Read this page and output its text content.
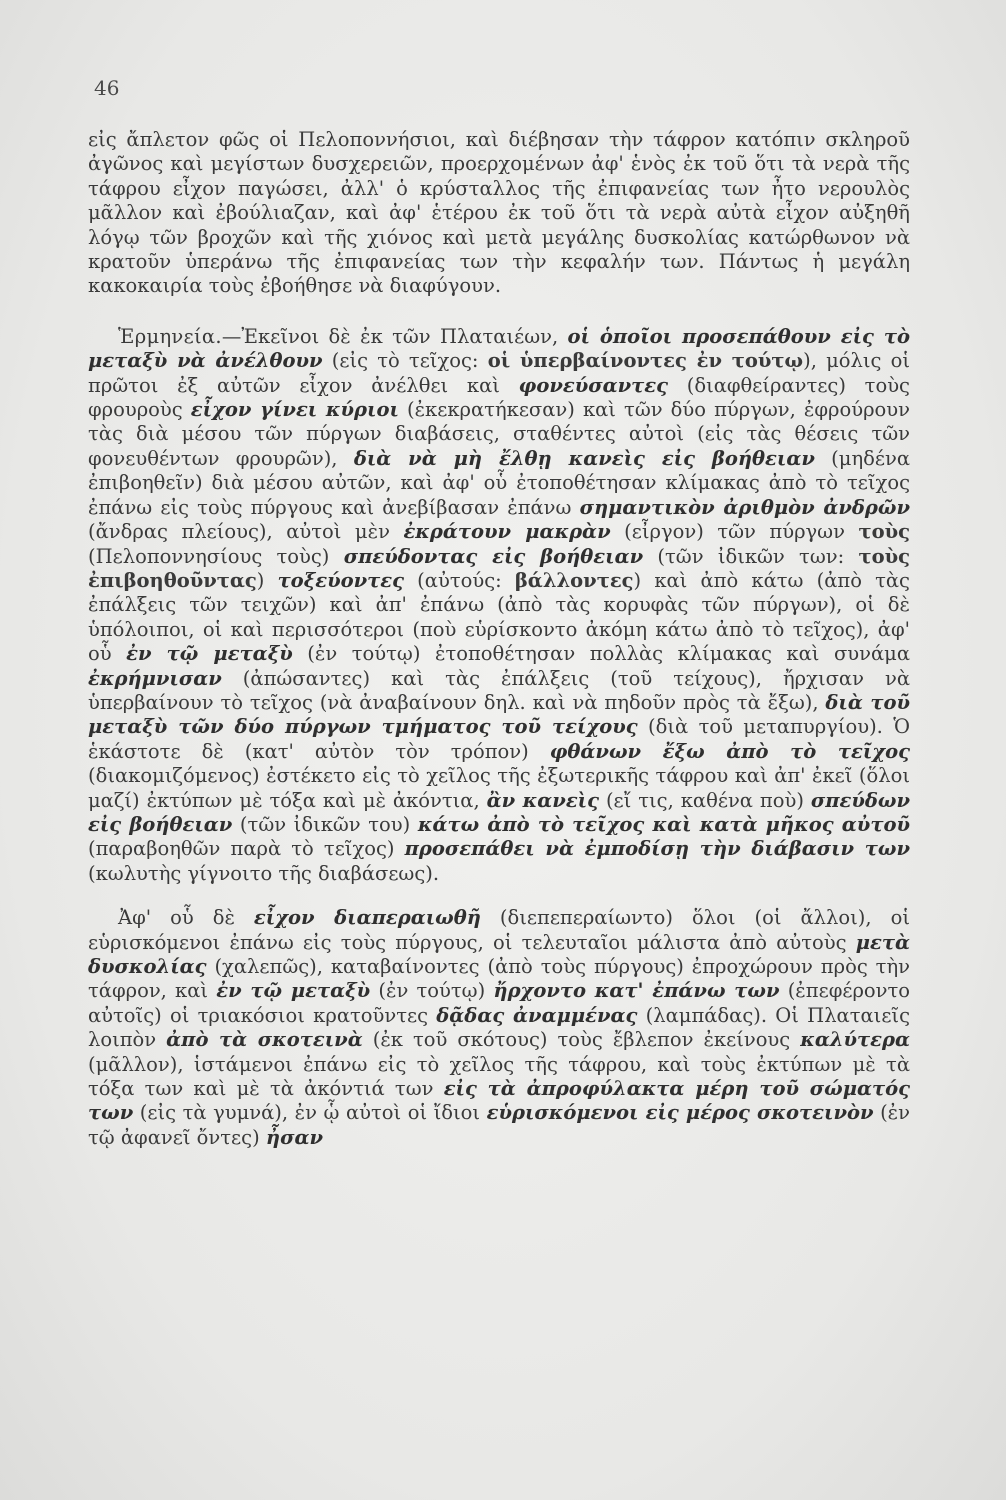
46

εἰς ἄπλετον φῶς οἱ Πελοποννήσιοι, καὶ διέβησαν τὴν τάφρον κατόπιν σκληροῦ ἀγῶνος καὶ μεγίστων δυσχερειῶν, προερχομένων ἀφ' ἑνὸς ἐκ τοῦ ὅτι τὰ νερὰ τῆς τάφρου εἶχον παγώσει, ἀλλ' ὁ κρύσταλλος τῆς ἐπιφανείας των ἦτο νερουλὸς μᾶλλον καὶ ἐβούλιαζαν, καὶ ἀφ' ἑτέρου ἐκ τοῦ ὅτι τὰ νερὰ αὐτὰ εἶχον αὐξηθῆ λόγῳ τῶν βροχῶν καὶ τῆς χιόνος καὶ μετὰ μεγάλης δυσκολίας κατώρθωνον νὰ κρατοῦν ὑπεράνω τῆς ἐπιφανείας των τὴν κεφαλήν των. Πάντως ἡ μεγάλη κακοκαιρία τοὺς ἐβοήθησε νὰ διαφύγουν.

Ἑρμηνεία.—Ἐκεῖνοι δὲ ἐκ τῶν Πλαταιέων, οἱ ὁποῖοι προσεπάθουν εἰς τὸ μεταξὺ νὰ ἀνέλθουν (εἰς τὸ τεῖχος: οἱ ὑπερβαίνοντες ἐν τούτῳ), μόλις οἱ πρῶτοι ἐξ αὐτῶν εἶχον ἀνέλθει καὶ φονεύσαντες (διαφθείραντες) τοὺς φρουροὺς εἶχον γίνει κύριοι (ἐκεκρατήκεσαν) καὶ τῶν δύο πύργων, ἐφρούρουν τὰς διὰ μέσου τῶν πύργων διαβάσεις, σταθέντες αὐτοὶ (εἰς τὰς θέσεις τῶν φονευθέντων φρουρῶν), διὰ νὰ μὴ ἔλθῃ κανεὶς εἰς βοήθειαν (μηδένα ἐπιβοηθεῖν) διὰ μέσου αὐτῶν, καὶ ἀφ' οὗ ἐτοποθέτησαν κλίμακας ἀπὸ τὸ τεῖχος ἐπάνω εἰς τοὺς πύργους καὶ ἀνεβίβασαν ἐπάνω σημαντικὸν ἀριθμὸν ἀνδρῶν (ἄνδρας πλείους), αὐτοὶ μὲν ἐκράτουν μακρὰν (εἶργον) τῶν πύργων τοὺς (Πελοποννησίους τοὺς) σπεύδοντας εἰς βοήθειαν (τῶν ἰδικῶν των: τοὺς ἐπιβοηθοῦντας) τοξεύοντες (αὐτούς: βάλλοντες) καὶ ἀπὸ κάτω (ἀπὸ τὰς ἐπάλξεις τῶν τειχῶν) καὶ ἀπ' ἐπάνω (ἀπὸ τὰς κορυφὰς τῶν πύργων), οἱ δὲ ὑπόλοιποι, οἱ καὶ περισσότεροι (ποὺ εὑρίσκοντο ἀκόμη κάτω ἀπὸ τὸ τεῖχος), ἀφ' οὗ ἐν τῷ μεταξὺ (ἐν τούτῳ) ἐτοποθέτησαν πολλὰς κλίμακας καὶ συνάμα ἐκρήμνισαν (ἀπώσαντες) καὶ τὰς ἐπάλξεις (τοῦ τείχους), ἤρχισαν νὰ ὑπερβαίνουν τὸ τεῖχος (νὰ ἀναβαίνουν δηλ. καὶ νὰ πηδοῦν πρὸς τὰ ἔξω), διὰ τοῦ μεταξὺ τῶν δύο πύργων τμήματος τοῦ τείχους (διὰ τοῦ μεταπυργίου). Ὁ ἑκάστοτε δὲ (κατ' αὐτὸν τὸν τρόπον) φθάνων ἔξω ἀπὸ τὸ τεῖχος (διακομιζόμενος) ἐστέκετο εἰς τὸ χεῖλος τῆς ἐξωτερικῆς τάφρου καὶ ἀπ' ἐκεῖ (ὅλοι μαζί) ἐκτύπων μὲ τόξα καὶ μὲ ἀκόντια, ἂν κανεὶς (εἴ τις, καθένα ποὺ) σπεύδων εἰς βοήθειαν (τῶν ἰδικῶν του) κάτω ἀπὸ τὸ τεῖχος καὶ κατὰ μῆκος αὐτοῦ (παραβοηθῶν παρὰ τὸ τεῖχος) προσεπάθει νὰ ἐμποδίσῃ τὴν διάβασιν των (κωλυτὴς γίγνοιτο τῆς διαβάσεως).

Ἀφ' οὗ δὲ εἶχον διαπεραιωθῆ (διεπεπεραίωντο) ὅλοι (οἱ ἄλλοι), οἱ εὑρισκόμενοι ἐπάνω εἰς τοὺς πύργους, οἱ τελευταῖοι μάλιστα ἀπὸ αὐτοὺς μετὰ δυσκολίας (χαλεπῶς), καταβαίνοντες (ἀπὸ τοὺς πύργους) ἐπροχώρουν πρὸς τὴν τάφρον, καὶ ἐν τῷ μεταξὺ (ἐν τούτῳ) ἤρχοντο κατ' ἐπάνω των (ἐπεφέροντο αὐτοῖς) οἱ τριακόσιοι κρατοῦντες δᾷδας ἀναμμένας (λαμπάδας). Οἱ Πλαταιεῖς λοιπὸν ἀπὸ τὰ σκοτεινὰ (ἐκ τοῦ σκότους) τοὺς ἔβλεπον ἐκείνους καλύτερα (μᾶλλον), ἱστάμενοι ἐπάνω εἰς τὸ χεῖλος τῆς τάφρου, καὶ τοὺς ἐκτύπων μὲ τὰ τόξα των καὶ μὲ τὰ ἀκόντιά των εἰς τὰ ἀπροφύλακτα μέρη τοῦ σώματός των (εἰς τὰ γυμνά), ἐν ᾧ αὐτοὶ οἱ ἴδιοι εὑρισκόμενοι εἰς μέρος σκοτεινὸν (ἐν τῷ ἀφανεῖ ὄντες) ἦσαν
